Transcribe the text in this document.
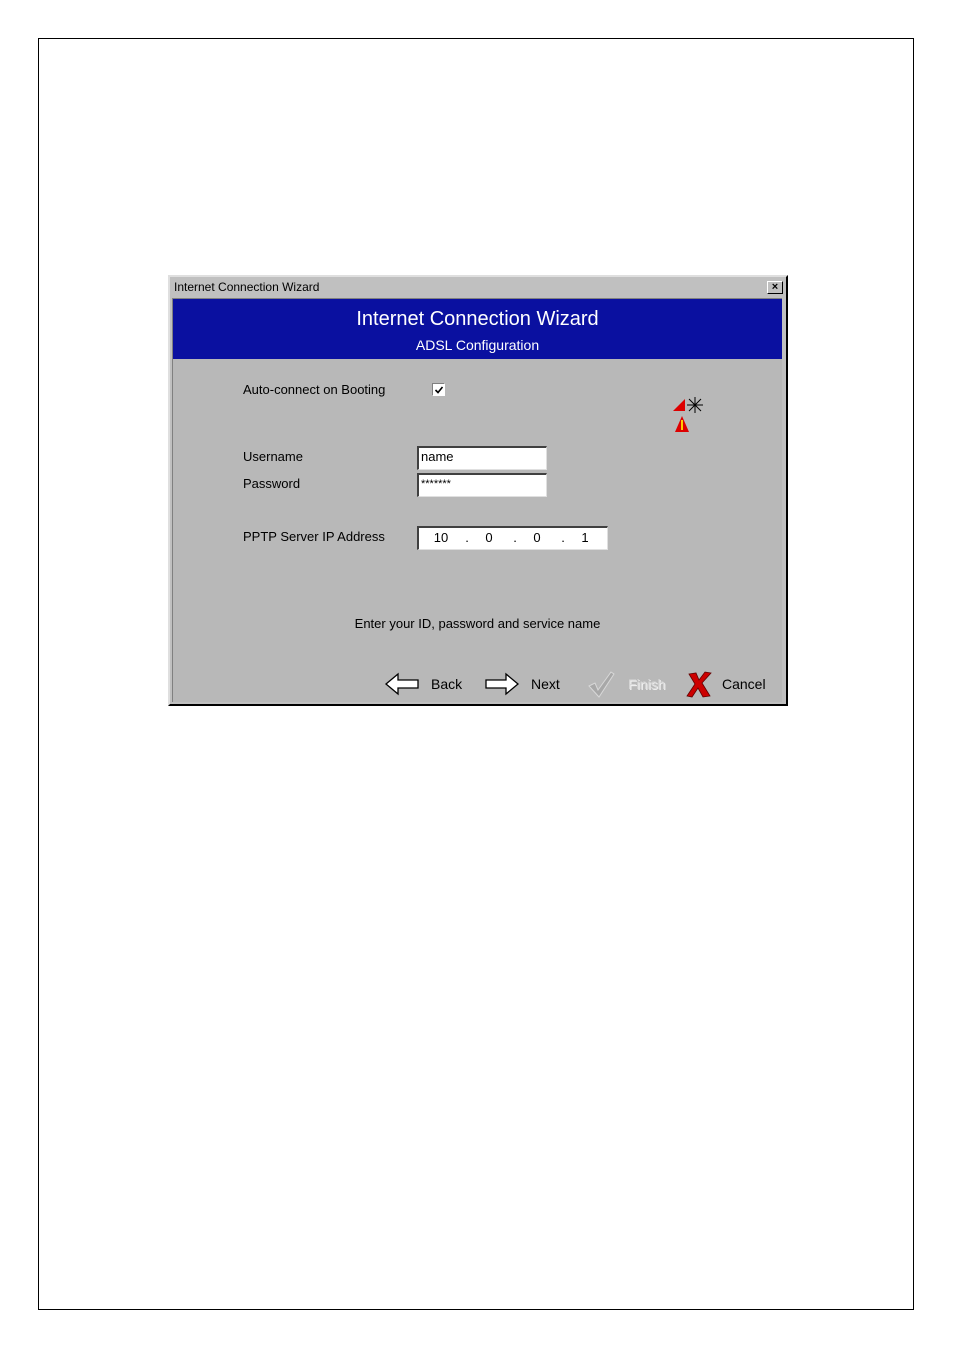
Internet Connection Wizard	×
Internet Connection Wizard
ADSL Configuration
Auto-connect on Booting
Username	name
Password	*******
PPTP Server IP Address	10	.	0	.	0	.	1
Enter your ID, password and service name
Back	Next	Finish	Cancel
